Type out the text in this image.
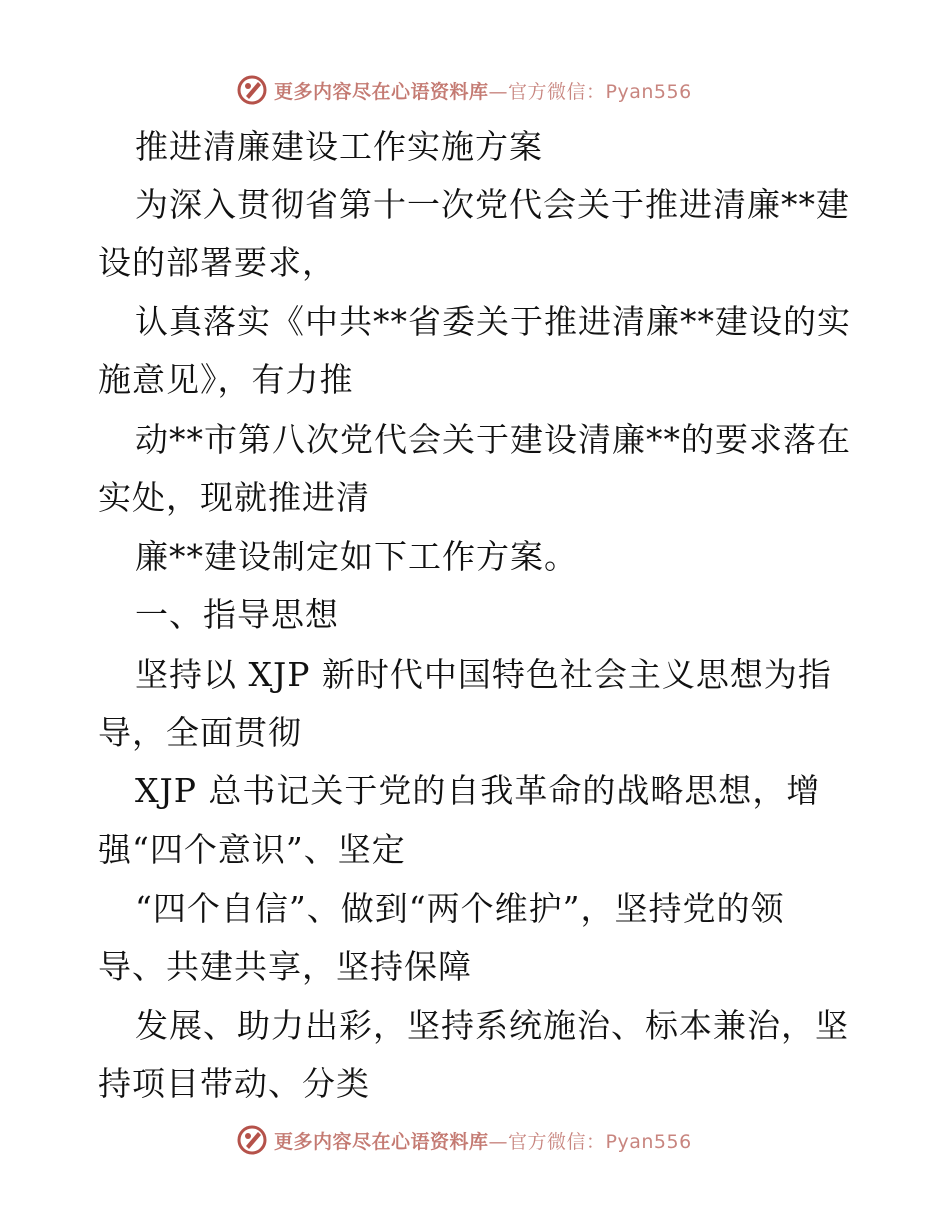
更多内容尽在心语资料库—官方微信：Pyan556
推进清廉建设工作实施方案
为深入贯彻省第十一次党代会关于推进清廉**建
设的部署要求，
认真落实《中共**省委关于推进清廉**建设的实
施意见》，有力推
动**市第八次党代会关于建设清廉**的要求落在
实处，现就推进清
廉**建设制定如下工作方案。
一、指导思想
坚持以 XJP 新时代中国特色社会主义思想为指
导，全面贯彻
XJP 总书记关于党的自我革命的战略思想，增
强“四个意识”、坚定
“四个自信”、做到“两个维护”，坚持党的领
导、共建共享，坚持保障
发展、助力出彩，坚持系统施治、标本兼治，坚
持项目带动、分类
更多内容尽在心语资料库—官方微信：Pyan556
